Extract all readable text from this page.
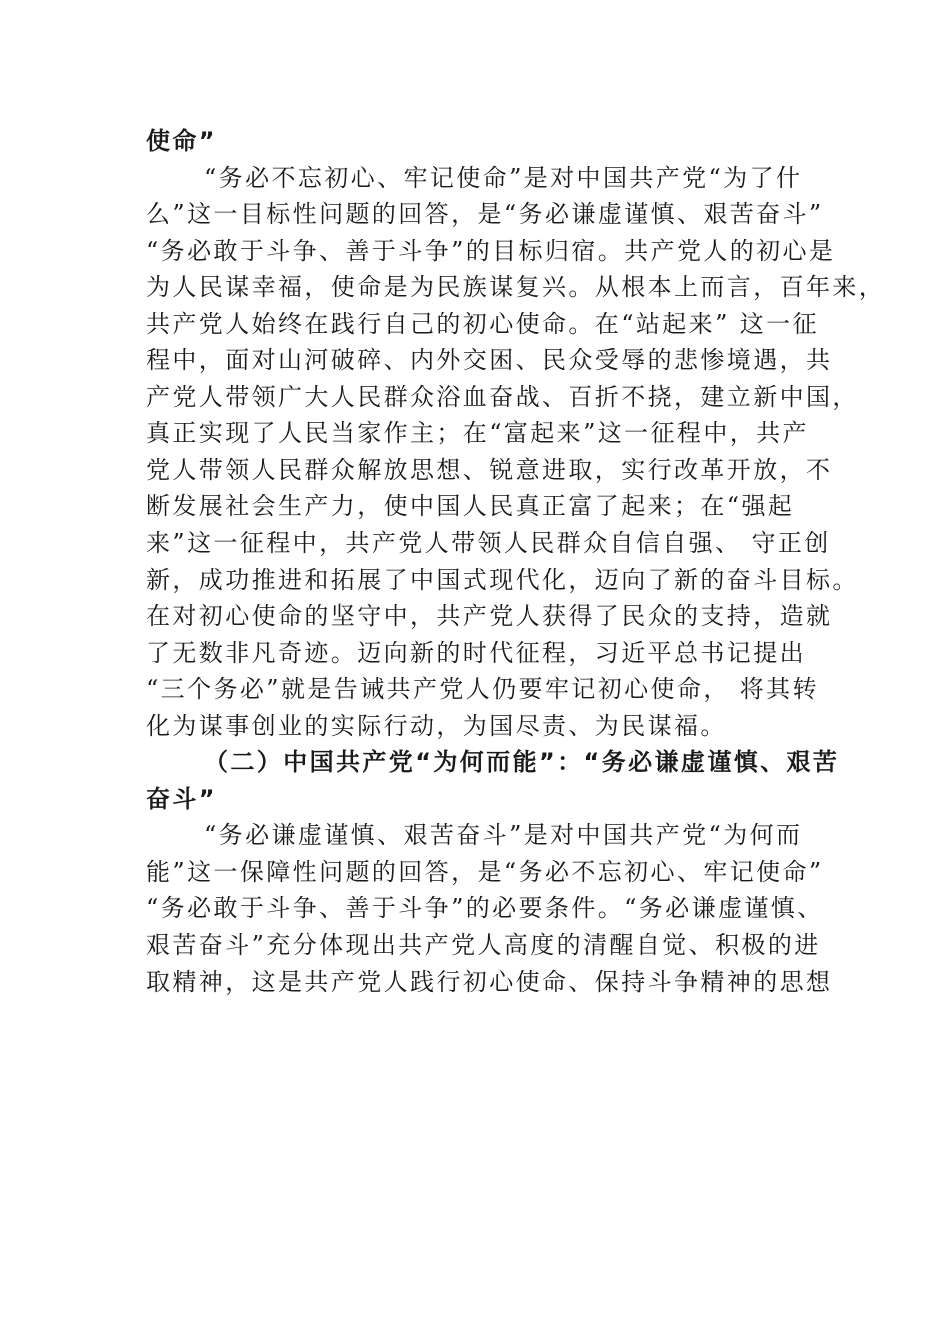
使命”
“务必不忘初心、牢记使命”是对中国共产党“为了什
么”这一目标性问题的回答，是“务必谦虚谨慎、艰苦奋斗”
“务必敢于斗争、善于斗争”的目标归宿。共产党人的初心是
为人民谋幸福，使命是为民族谋复兴。从根本上而言，百年来，
共产党人始终在践行自己的初心使命。在“站起来” 这一征
程中，面对山河破碎、内外交困、民众受辱的悲惨境遇，共
产党人带领广大人民群众浴血奋战、百折不挠，建立新中国，
真正实现了人民当家作主；在“富起来”这一征程中，共产
党人带领人民群众解放思想、锐意进取，实行改革开放，不
断发展社会生产力，使中国人民真正富了起来；在“强起
来”这一征程中，共产党人带领人民群众自信自强、 守正创
新，成功推进和拓展了中国式现代化，迈向了新的奋斗目标。
在对初心使命的坚守中，共产党人获得了民众的支持，造就
了无数非凡奇迹。迈向新的时代征程，习近平总书记提出
“三个务必”就是告诫共产党人仍要牢记初心使命， 将其转
化为谋事创业的实际行动，为国尽责、为民谋福。
（二）中国共产党“为何而能”：“务必谦虚谨慎、艰苦
奋斗”
“务必谦虚谨慎、艰苦奋斗”是对中国共产党“为何而
能”这一保障性问题的回答，是“务必不忘初心、牢记使命”
“务必敢于斗争、善于斗争”的必要条件。“务必谦虚谨慎、
艰苦奋斗”充分体现出共产党人高度的清醒自觉、积极的进
取精神，这是共产党人践行初心使命、保持斗争精神的思想
